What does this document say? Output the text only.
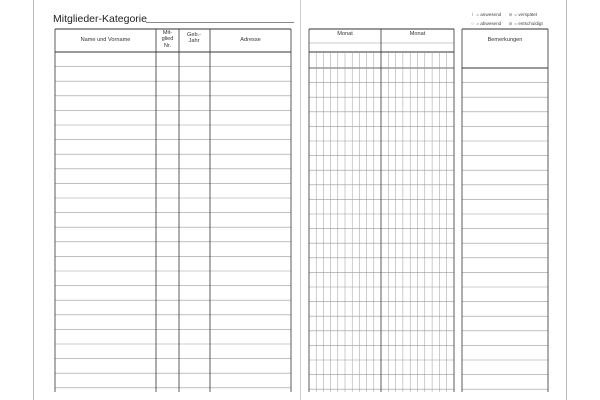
Mitglieder-Kategorie
Name und Vorname
Mit-
glied
Nr.
Geb.-
Jahr	Adresse
/ = anwesend ⊘ = verspätet
○ = abwesend ⊘ = entschuldigt
Monat	Monat
Bemerkungen
